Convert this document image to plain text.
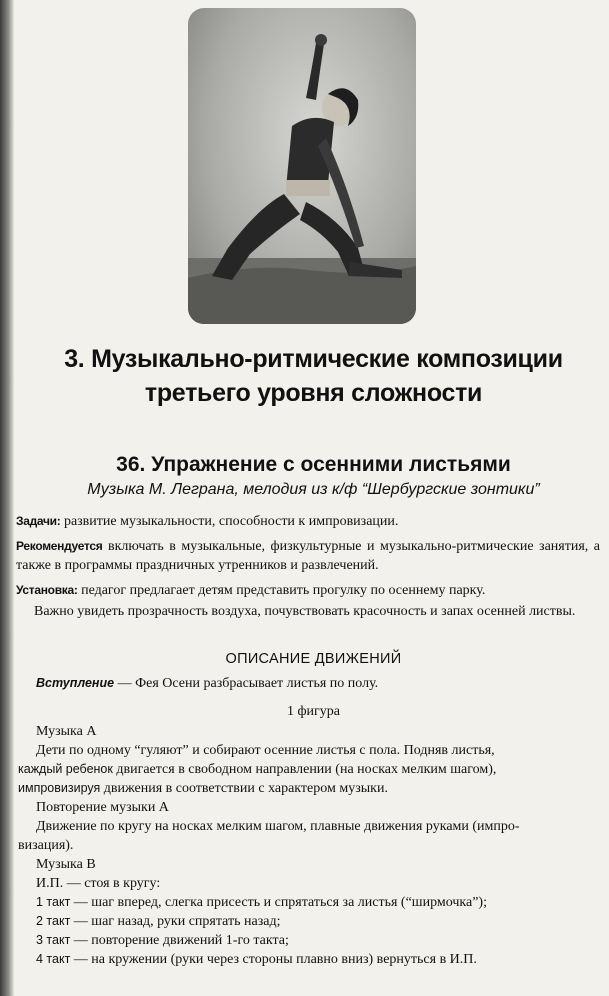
3. Музыкально-ритмические композиции
третьего уровня сложности
36. Упражнение с осенними листьями
Музыка М. Леграна, мелодия из к/ф “Шербургские зонтики”
Задачи: развитие музыкальности, способности к импровизации.
Рекомендуется включать в музыкальные, физкультурные и музыкально-ритмические занятия, а также в программы праздничных утренников и развлечений.
Установка: педагог предлагает детям представить прогулку по осеннему парку.
Важно увидеть прозрачность воздуха, почувствовать красочность и запах осенней листвы.
ОПИСАНИЕ ДВИЖЕНИЙ
Вступление — Фея Осени разбрасывает листья по полу.
1 фигура
Музыка А
Дети по одному “гуляют” и собирают осенние листья с пола. Подняв листья,
каждый ребенок двигается в свободном направлении (на носках мелким шагом),
импровизируя движения в соответствии с характером музыки.
Повторение музыки А
Движение по кругу на носках мелким шагом, плавные движения руками (импро-
визация).
Музыка В
И.П. — стоя в кругу:
1 такт — шаг вперед, слегка присесть и спрятаться за листья (“ширмочка”);
2 такт — шаг назад, руки спрятать назад;
3 такт — повторение движений 1-го такта;
4 такт — на кружении (руки через стороны плавно вниз) вернуться в И.П.
